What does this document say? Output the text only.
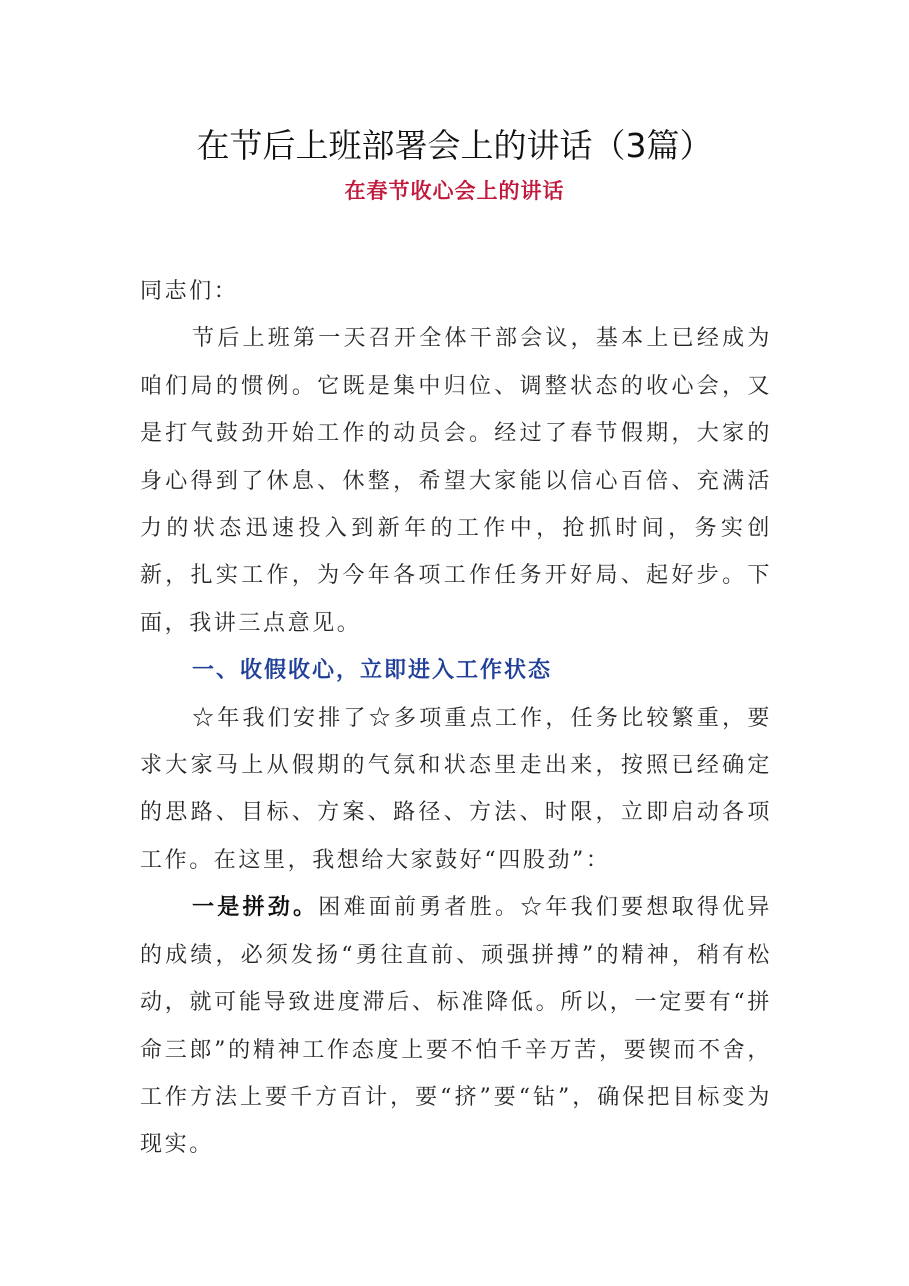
在节后上班部署会上的讲话（3篇）
在春节收心会上的讲话

同志们：

节后上班第一天召开全体干部会议，基本上已经成为咱们局的惯例。它既是集中归位、调整状态的收心会，又是打气鼓劲开始工作的动员会。经过了春节假期，大家的身心得到了休息、休整，希望大家能以信心百倍、充满活力的状态迅速投入到新年的工作中，抢抓时间，务实创新，扎实工作，为今年各项工作任务开好局、起好步。下面，我讲三点意见。

一、收假收心，立即进入工作状态

☆年我们安排了☆多项重点工作，任务比较繁重，要求大家马上从假期的气氛和状态里走出来，按照已经确定的思路、目标、方案、路径、方法、时限，立即启动各项工作。在这里，我想给大家鼓好“四股劲”：

一是拼劲。困难面前勇者胜。☆年我们要想取得优异的成绩，必须发扬“勇往直前、顽强拼搏”的精神，稍有松动，就可能导致进度滞后、标准降低。所以，一定要有“拼命三郎”的精神工作态度上要不怕千辛万苦，要锲而不舍，工作方法上要千方百计，要“挤”要“钻”，确保把目标变为现实。
